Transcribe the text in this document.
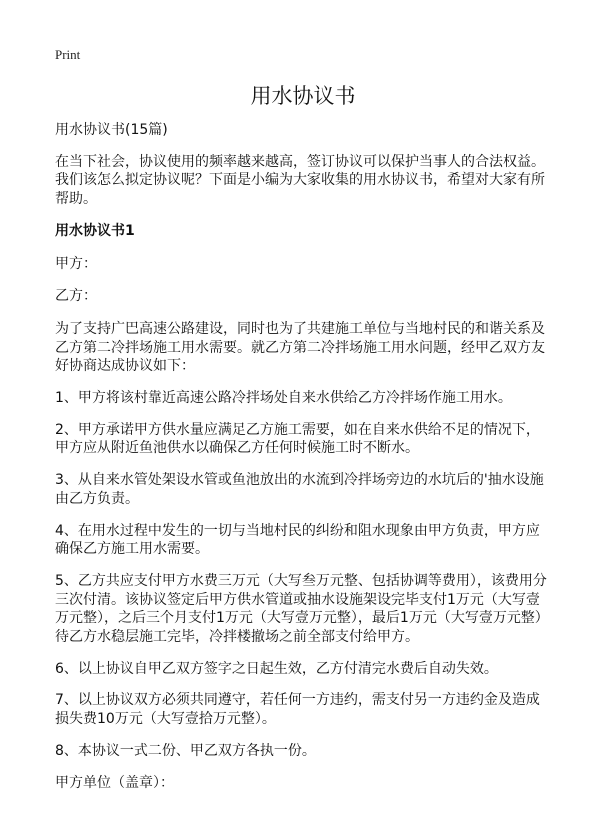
Print
用水协议书

用水协议书(15篇)

在当下社会，协议使用的频率越来越高，签订协议可以保护当事人的合法权益。我们该怎么拟定协议呢？下面是小编为大家收集的用水协议书，希望对大家有所帮助。

用水协议书1

甲方：

乙方：

为了支持广巴高速公路建设，同时也为了共建施工单位与当地村民的和谐关系及乙方第二冷拌场施工用水需要。就乙方第二冷拌场施工用水问题，经甲乙双方友好协商达成协议如下：

1、甲方将该村靠近高速公路冷拌场处自来水供给乙方冷拌场作施工用水。

2、甲方承诺甲方供水量应满足乙方施工需要，如在自来水供给不足的情况下，甲方应从附近鱼池供水以确保乙方任何时候施工时不断水。

3、从自来水管处架设水管或鱼池放出的水流到冷拌场旁边的水坑后的'抽水设施由乙方负责。

4、在用水过程中发生的一切与当地村民的纠纷和阻水现象由甲方负责，甲方应确保乙方施工用水需要。

5、乙方共应支付甲方水费三万元（大写叁万元整、包括协调等费用），该费用分三次付清。该协议签定后甲方供水管道或抽水设施架设完毕支付1万元（大写壹万元整），之后三个月支付1万元（大写壹万元整），最后1万元（大写壹万元整）待乙方水稳层施工完毕，冷拌楼撤场之前全部支付给甲方。

6、以上协议自甲乙双方签字之日起生效，乙方付清完水费后自动失效。

7、以上协议双方必须共同遵守，若任何一方违约，需支付另一方违约金及造成损失费10万元（大写壹拾万元整）。

8、本协议一式二份、甲乙双方各执一份。

甲方单位（盖章）：
